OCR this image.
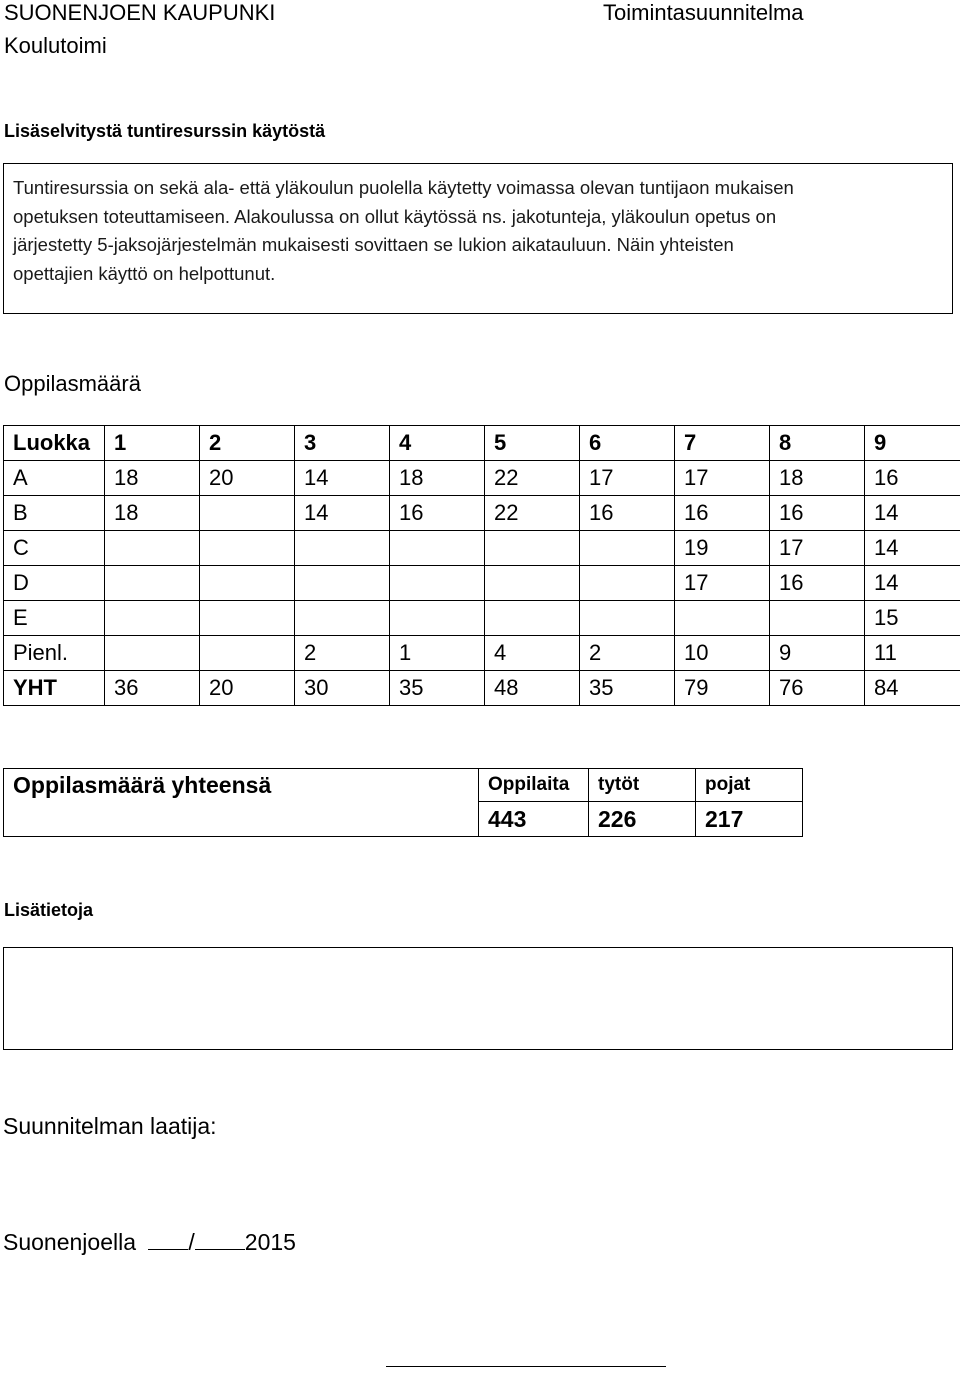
SUONENJOEN KAUPUNKI
Koulutoimi
Toimintasuunnitelma
Lisäselvitystä tuntiresurssin käytöstä
Tuntiresurssia on sekä ala- että yläkoulun puolella käytetty voimassa olevan tuntijaon mukaisen
opetuksen toteuttamiseen. Alakoulussa on ollut käytössä ns. jakotunteja, yläkoulun opetus on
järjestetty 5-jaksojärjestelmän mukaisesti sovittaen se lukion aikatauluun. Näin yhteisten
opettajien käyttö on helpottunut.
Oppilasmäärä
Luokka	1	2	3	4	5	6	7	8	9
A	18	20	14	18	22	17	17	18	16
B	18		14	16	22	16	16	16	14
C							19	17	14
D							17	16	14
E									15
Pienl.			2	1	4	2	10	9	11
YHT	36	20	30	35	48	35	79	76	84
Oppilasmäärä yhteensä	Oppilaita	tytöt	pojat
	443	226	217
Lisätietoja
Suunnitelman laatija:
Suonenjoella / 2015
